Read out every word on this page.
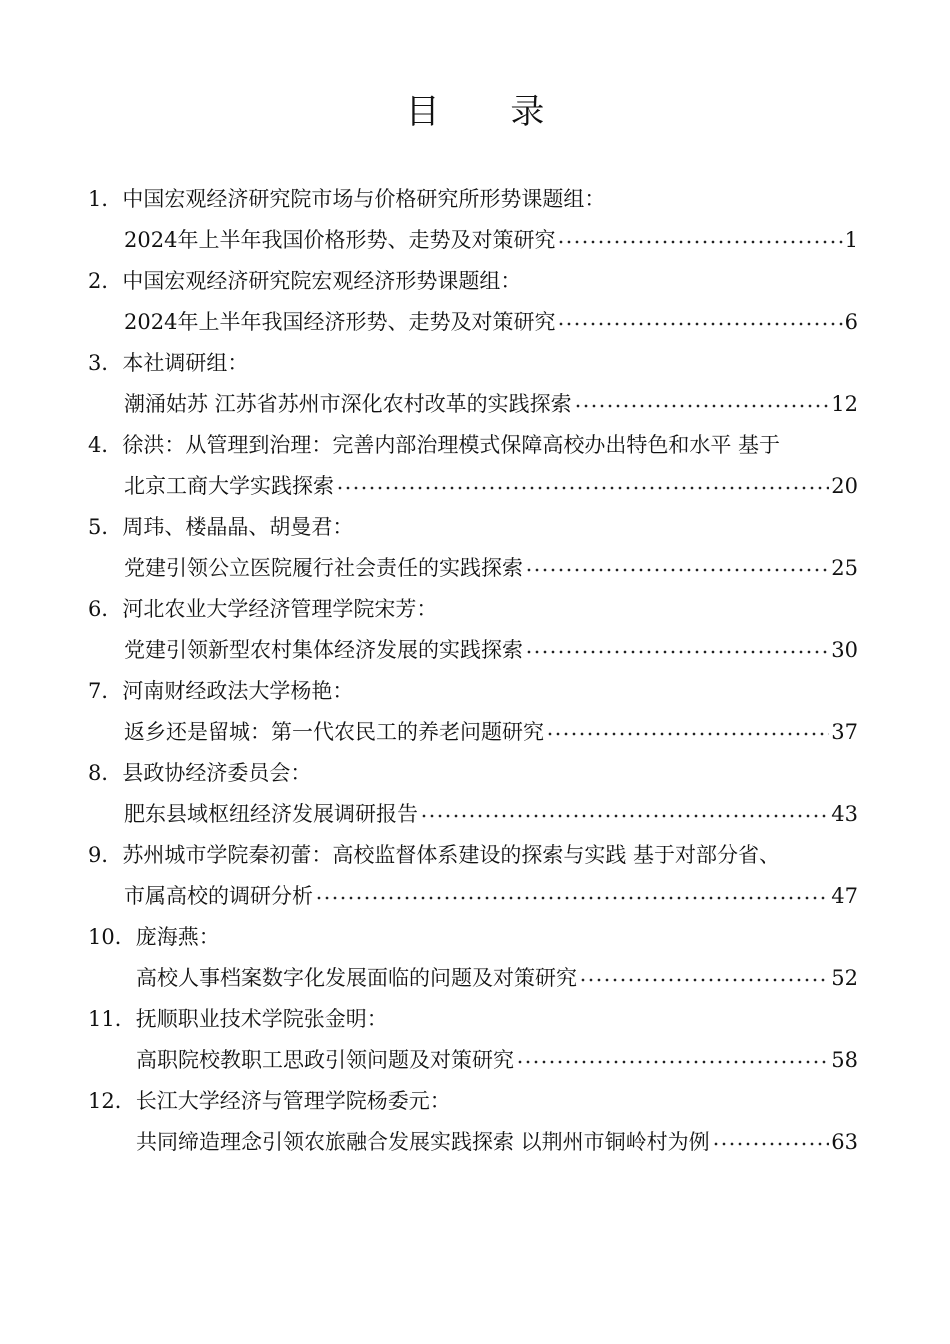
目 录
1．中国宏观经济研究院市场与价格研究所形势课题组：
2024年上半年我国价格形势、走势及对策研究	1
2．中国宏观经济研究院宏观经济形势课题组：
2024年上半年我国经济形势、走势及对策研究	6
3．本社调研组：
潮涌姑苏 江苏省苏州市深化农村改革的实践探索	12
4．徐洪：从管理到治理：完善内部治理模式保障高校办出特色和水平 基于
北京工商大学实践探索	20
5．周玮、楼晶晶、胡曼君：
党建引领公立医院履行社会责任的实践探索	25
6．河北农业大学经济管理学院宋芳：
党建引领新型农村集体经济发展的实践探索	30
7．河南财经政法大学杨艳：
返乡还是留城：第一代农民工的养老问题研究	37
8．县政协经济委员会：
肥东县域枢纽经济发展调研报告	43
9．苏州城市学院秦初蕾：高校监督体系建设的探索与实践 基于对部分省、
市属高校的调研分析	47
10．庞海燕：
高校人事档案数字化发展面临的问题及对策研究	52
11．抚顺职业技术学院张金明：
高职院校教职工思政引领问题及对策研究	58
12．长江大学经济与管理学院杨委元：
共同缔造理念引领农旅融合发展实践探索 以荆州市铜岭村为例	63
